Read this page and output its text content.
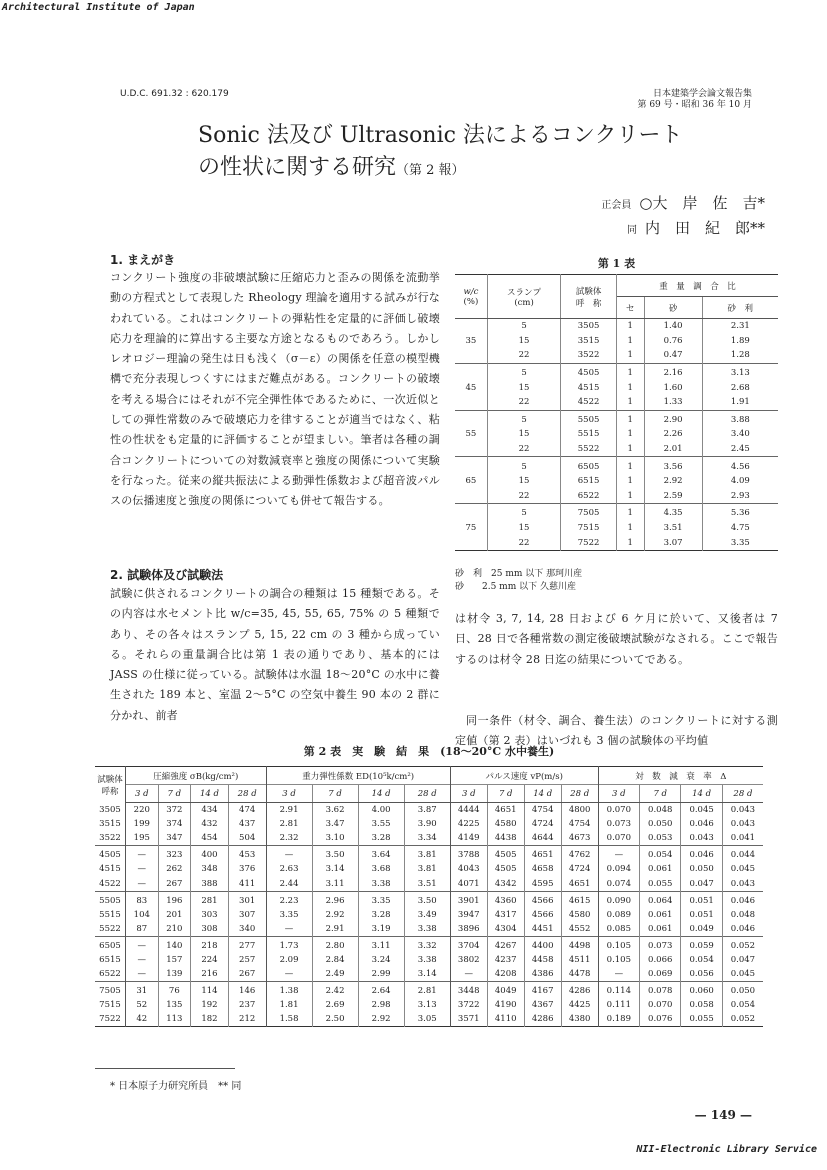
Architectural Institute of Japan
U.D.C. 691.32 : 620.179	日本建築学会論文報告集
第 69 号・昭和 36 年 10 月
Sonic 法及び Ultrasonic 法によるコンクリート
の性状に関する研究（第 2 報）
正会員 ○大　岸　佐　吉*
同 内　田　紀　郎**
1. まえがき
コンクリート強度の非破壊試験に圧縮応力と歪みの関係を流動挙動の方程式として表現した Rheology 理論を適用する試みが行なわれている。これはコンクリートの弾粘性を定量的に評価し破壊応力を理論的に算出する主要な方途となるものであろう。しかしレオロジー理論の発生は日も浅く（σ－ε）の関係を任意の模型機構で充分表現しつくすにはまだ難点がある。コンクリートの破壊を考える場合にはそれが不完全弾性体であるために、一次近似としての弾性常数のみで破壊応力を律することが適当ではなく、粘性の性状をも定量的に評価することが望ましい。筆者は各種の調合コンクリートについての対数減衰率と強度の関係について実験を行なった。従来の縦共振法による動弾性係数および超音波パルスの伝播速度と強度の関係についても併せて報告する。
2. 試験体及び試験法
試験に供されるコンクリートの調合の種類は 15 種類である。その内容は水セメント比 w/c=35, 45, 55, 65, 75% の 5 種類であり、その各々はスランプ 5, 15, 22 cm の 3 種から成っている。それらの重量調合比は第 1 表の通りであり、基本的には JASS の仕様に従っている。試験体は水温 18～20°C の水中に養生された 189 本と、室温 2～5°C の空気中養生 90 本の 2 群に分かれ、前者
第 1 表
w/c
(%)	スランプ
(cm)	試験体
呼　称	重　量　調　合　比		
			セ	砂	砂　利
35	5	3505	1	1.40	2.31
	15	3515	1	0.76	1.89
	22	3522	1	0.47	1.28
45	5	4505	1	2.16	3.13
	15	4515	1	1.60	2.68
	22	4522	1	1.33	1.91
55	5	5505	1	2.90	3.88
	15	5515	1	2.26	3.40
	22	5522	1	2.01	2.45
65	5	6505	1	3.56	4.56
	15	6515	1	2.92	4.09
	22	6522	1	2.59	2.93
75	5	7505	1	4.35	5.36
	15	7515	1	3.51	4.75
	22	7522	1	3.07	3.35
砂　利　25 mm 以下 那珂川産
砂　　2.5 mm 以下 久慈川産
は材令 3, 7, 14, 28 日および 6 ケ月に於いて、又後者は 7 日、28 日で各種常数の測定後破壊試験がなされる。ここで報告するのは材令 28 日迄の結果についてである。
同一条件（材令、調合、養生法）のコンクリートに対する測定値（第 2 表）はいづれも 3 個の試験体の平均値
第 2 表　実　験　結　果　(18～20°C 水中養生)
試験体呼称	圧縮強度 σB(kg/cm²)				重力弾性係数 ED(10⁵k/cm²)				パルス速度 vP(m/s)				対　数　減　衰　率　Δ			
	3 d	7 d	14 d	28 d	3 d	7 d	14 d	28 d	3 d	7 d	14 d	28 d	3 d	7 d	14 d	28 d
3505	220	372	434	474	2.91	3.62	4.00	3.87	4444	4651	4754	4800	0.070	0.048	0.045	0.043
3515	199	374	432	437	2.81	3.47	3.55	3.90	4225	4580	4724	4754	0.073	0.050	0.046	0.043
3522	195	347	454	504	2.32	3.10	3.28	3.34	4149	4438	4644	4673	0.070	0.053	0.043	0.041
4505	—	323	400	453	—	3.50	3.64	3.81	3788	4505	4651	4762	—	0.054	0.046	0.044
4515	—	262	348	376	2.63	3.14	3.68	3.81	4043	4505	4658	4724	0.094	0.061	0.050	0.045
4522	—	267	388	411	2.44	3.11	3.38	3.51	4071	4342	4595	4651	0.074	0.055	0.047	0.043
5505	83	196	281	301	2.23	2.96	3.35	3.50	3901	4360	4566	4615	0.090	0.064	0.051	0.046
5515	104	201	303	307	3.35	2.92	3.28	3.49	3947	4317	4566	4580	0.089	0.061	0.051	0.048
5522	87	210	308	340	—	2.91	3.19	3.38	3896	4304	4451	4552	0.085	0.061	0.049	0.046
6505	—	140	218	277	1.73	2.80	3.11	3.32	3704	4267	4400	4498	0.105	0.073	0.059	0.052
6515	—	157	224	257	2.09	2.84	3.24	3.38	3802	4237	4458	4511	0.105	0.066	0.054	0.047
6522	—	139	216	267	—	2.49	2.99	3.14	—	4208	4386	4478	—	0.069	0.056	0.045
7505	31	76	114	146	1.38	2.42	2.64	2.81	3448	4049	4167	4286	0.114	0.078	0.060	0.050
7515	52	135	192	237	1.81	2.69	2.98	3.13	3722	4190	4367	4425	0.111	0.070	0.058	0.054
7522	42	113	182	212	1.58	2.50	2.92	3.05	3571	4110	4286	4380	0.189	0.076	0.055	0.052
* 日本原子力研究所員　** 同
— 149 —
NII-Electronic Library Service
